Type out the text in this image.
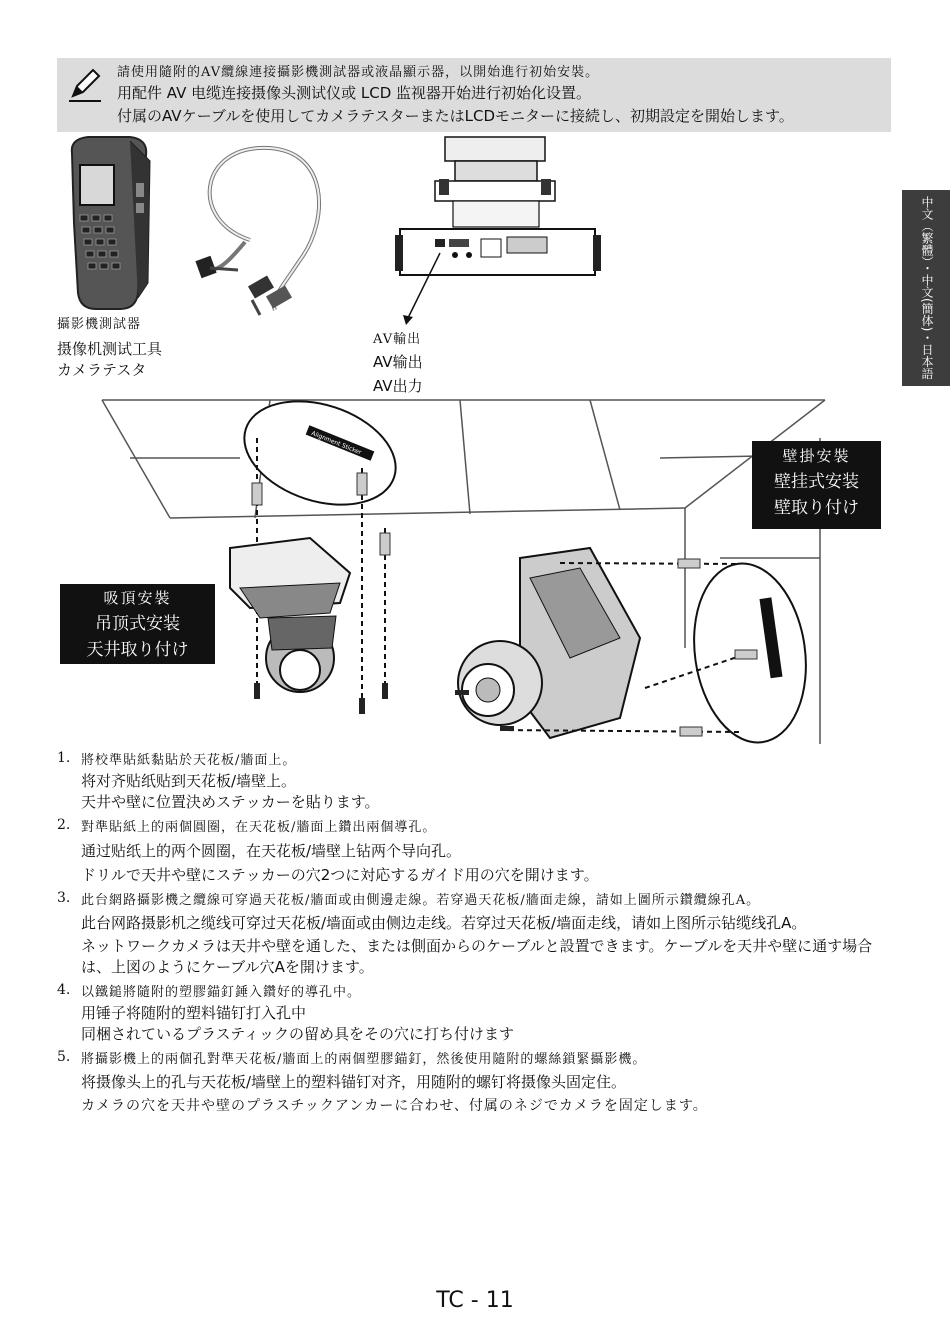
請使用隨附的AV纜線連接攝影機測試器或液晶顯示器，以開始進行初始安裝。
用配件 AV 电缆连接摄像头测试仪或 LCD 监视器开始进行初始化设置。
付属のAVケーブルを使用してカメラテスターまたはLCDモニターに接続し、初期設定を開始します。
中文（繁體）・中文(簡体)・日本語
攝影機測試器
摄像机测试工具
カメラテスタ
AV輸出
AV输出
AV出力
Alignment Sticker	壁掛安裝
壁挂式安装
壁取り付け
吸頂安裝
吊顶式安装
天井取り付け
1. 將校準貼紙黏貼於天花板/牆面上。
将对齐贴纸贴到天花板/墙壁上。
天井や壁に位置決めステッカーを貼ります。
2. 對準貼紙上的兩個圓圈，在天花板/牆面上鑽出兩個導孔。
通过贴纸上的两个圆圈，在天花板/墙壁上钻两个导向孔。
ドリルで天井や壁にステッカーの穴2つに対応するガイド用の穴を開けます。
3. 此台網路攝影機之纜線可穿過天花板/牆面或由側邊走線。若穿過天花板/牆面走線，請如上圖所示鑽纜線孔A。
此台网路摄影机之缆线可穿过天花板/墙面或由侧边走线。若穿过天花板/墙面走线，请如上图所示钻缆线孔A。
ネットワークカメラは天井や壁を通した、または側面からのケーブルと設置できます。ケーブルを天井や壁に通す場合は、上図のようにケーブル穴Aを開けます。
4. 以鐵鎚將隨附的塑膠錨釘錘入鑽好的導孔中。
用锤子将随附的塑料锚钉打入孔中
同梱されているプラスティックの留め具をその穴に打ち付けます
5. 將攝影機上的兩個孔對準天花板/牆面上的兩個塑膠錨釘，然後使用隨附的螺絲鎖緊攝影機。
将摄像头上的孔与天花板/墙壁上的塑料锚钉对齐，用随附的螺钉将摄像头固定住。
カメラの穴を天井や壁のプラスチックアンカーに合わせ、付属のネジでカメラを固定します。
TC - 11
